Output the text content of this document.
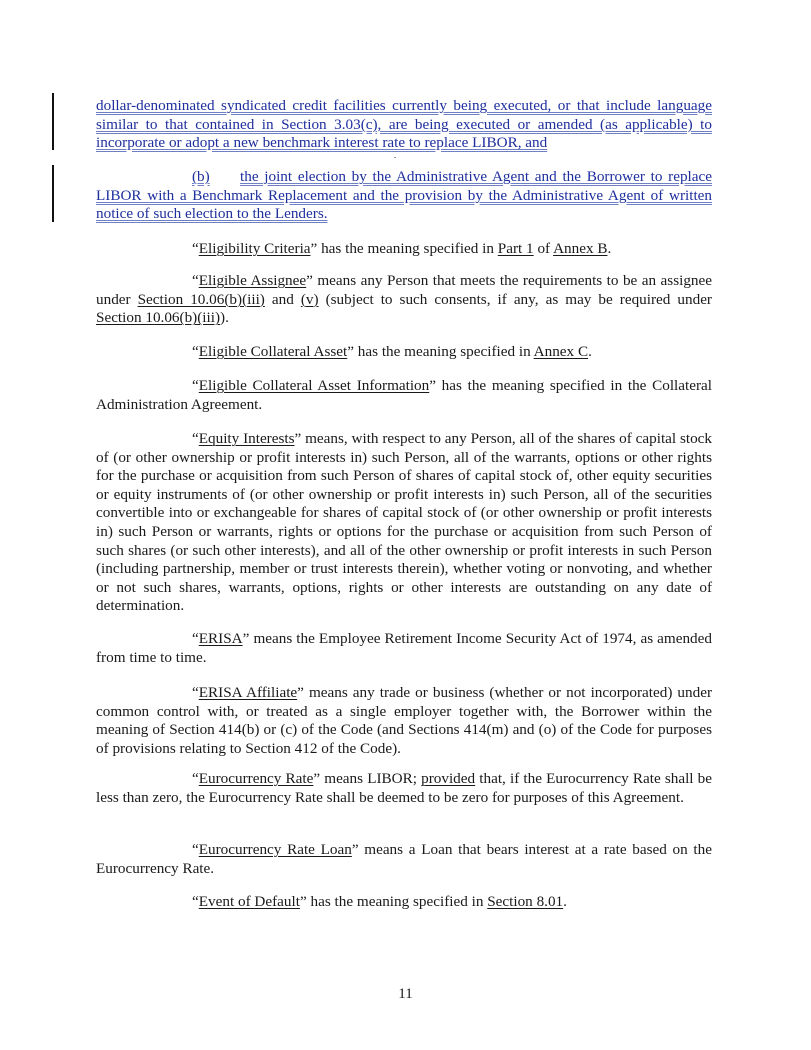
dollar-denominated syndicated credit facilities currently being executed, or that include language similar to that contained in Section 3.03(c), are being executed or amended (as applicable) to incorporate or adopt a new benchmark interest rate to replace LIBOR, and

(b) the joint election by the Administrative Agent and the Borrower to replace LIBOR with a Benchmark Replacement and the provision by the Administrative Agent of written notice of such election to the Lenders.

“Eligibility Criteria” has the meaning specified in Part 1 of Annex B.

“Eligible Assignee” means any Person that meets the requirements to be an assignee under Section 10.06(b)(iii) and (v) (subject to such consents, if any, as may be required under Section 10.06(b)(iii)).

“Eligible Collateral Asset” has the meaning specified in Annex C.

“Eligible Collateral Asset Information” has the meaning specified in the Collateral Administration Agreement.

“Equity Interests” means, with respect to any Person, all of the shares of capital stock of (or other ownership or profit interests in) such Person, all of the warrants, options or other rights for the purchase or acquisition from such Person of shares of capital stock of, other equity securities or equity instruments of (or other ownership or profit interests in) such Person, all of the securities convertible into or exchangeable for shares of capital stock of (or other ownership or profit interests in) such Person or warrants, rights or options for the purchase or acquisition from such Person of such shares (or such other interests), and all of the other ownership or profit interests in such Person (including partnership, member or trust interests therein), whether voting or nonvoting, and whether or not such shares, warrants, options, rights or other interests are outstanding on any date of determination.

“ERISA” means the Employee Retirement Income Security Act of 1974, as amended from time to time.

“ERISA Affiliate” means any trade or business (whether or not incorporated) under common control with, or treated as a single employer together with, the Borrower within the meaning of Section 414(b) or (c) of the Code (and Sections 414(m) and (o) of the Code for purposes of provisions relating to Section 412 of the Code).

“Eurocurrency Rate” means LIBOR; provided that, if the Eurocurrency Rate shall be less than zero, the Eurocurrency Rate shall be deemed to be zero for purposes of this Agreement.

“Eurocurrency Rate Loan” means a Loan that bears interest at a rate based on the Eurocurrency Rate.

“Event of Default” has the meaning specified in Section 8.01.

11
